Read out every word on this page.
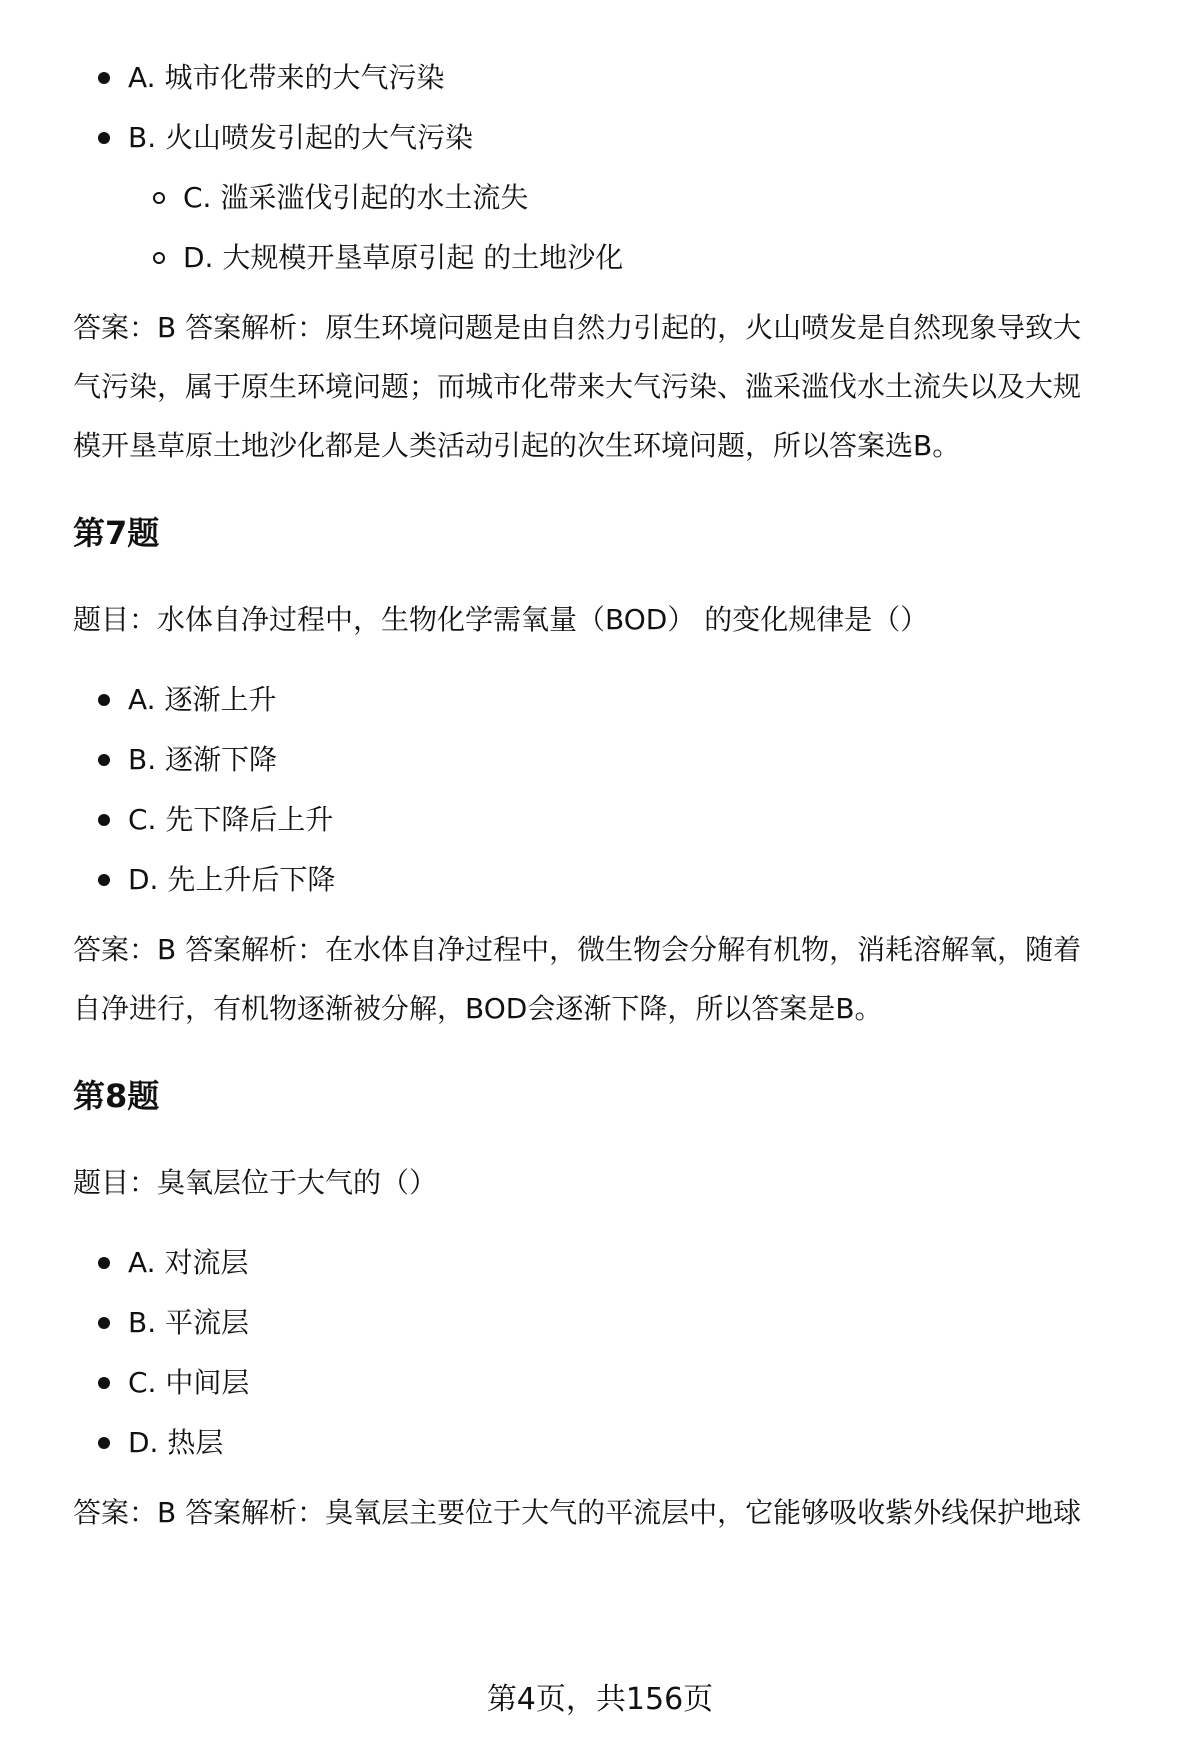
A. 城市化带来的大气污染
B. 火山喷发引起的大气污染
C. 滥采滥伐引起的水土流失
D. 大规模开垦草原引起 的土地沙化

答案：B 答案解析：原生环境问题是由自然力引起的，火山喷发是自然现象导致大

气污染，属于原生环境问题；而城市化带来大气污染、滥采滥伐水土流失以及大规

模开垦草原土地沙化都是人类活动引起的次生环境问题，所以答案选B。

第7题

题目：水体自净过程中，生物化学需氧量（BOD） 的变化规律是（）

A. 逐渐上升
B. 逐渐下降
C. 先下降后上升
D. 先上升后下降

答案：B 答案解析：在水体自净过程中，微生物会分解有机物，消耗溶解氧，随着

自净进行，有机物逐渐被分解，BOD会逐渐下降，所以答案是B。

第8题

题目：臭氧层位于大气的（）

A. 对流层
B. 平流层
C. 中间层
D. 热层

答案：B 答案解析：臭氧层主要位于大气的平流层中，它能够吸收紫外线保护地球

第4页，共156页
